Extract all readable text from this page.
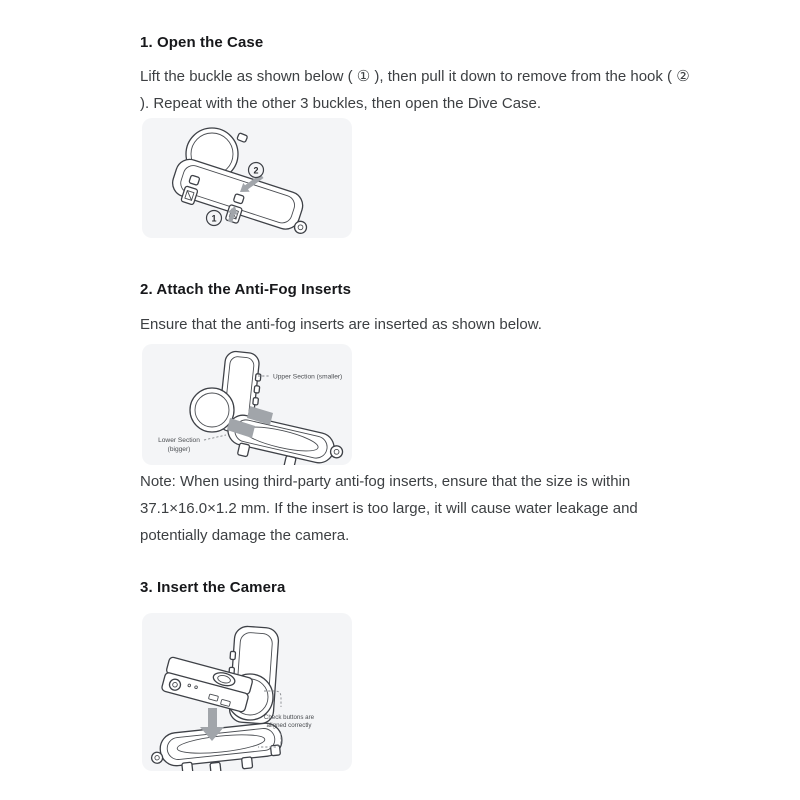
1. Open the Case
Lift the buckle as shown below ( ① ), then pull it down to remove from the hook ( ②
). Repeat with the other 3 buckles, then open the Dive Case.
2
1
2. Attach the Anti-Fog Inserts
Ensure that the anti-fog inserts are inserted as shown below.
Upper Section (smaller)
Lower Section
(bigger)
Note: When using third-party anti-fog inserts, ensure that the size is within
37.1×16.0×1.2 mm. If the insert is too large, it will cause water leakage and
potentially damage the camera.
3. Insert the Camera
Check buttons are
aligned correctly
